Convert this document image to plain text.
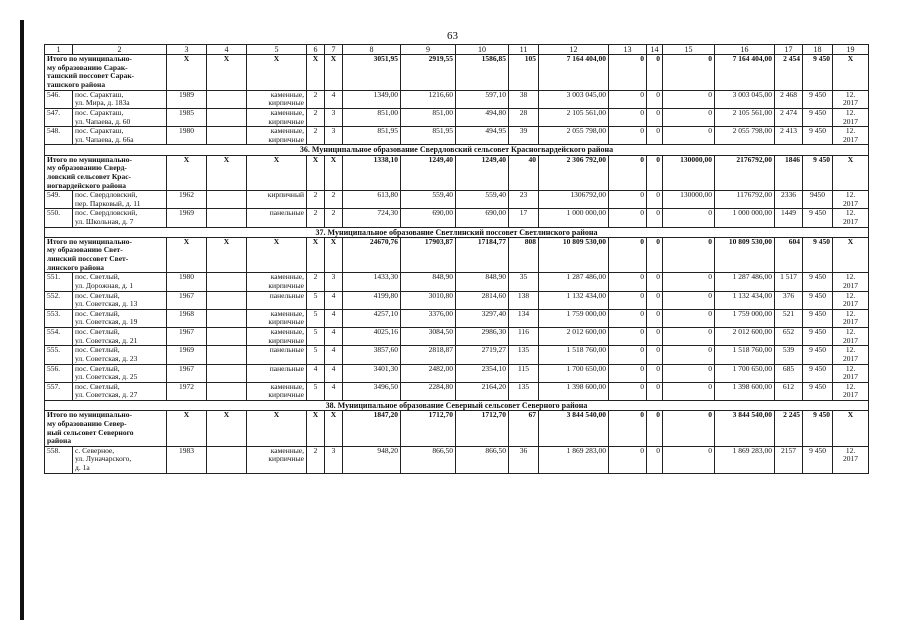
63
1	2	3	4	5	6	7	8	9	10	11	12	13	14	15	16	17	18	19
Итого по муниципально-
му образованию Сарак-
ташский поссовет Сарак-
ташского района		X	X	X	X	X	3051,95	2919,55	1586,85	105	7 164 404,00	0	0	0	7 164 404,00	2 454	9 450	X
546.	пос. Саракташ,
ул. Мира, д. 183а	1989		каменные,
кирпичные	2	4	1349,00	1216,60	597,10	38	3 003 045,00	0	0	0	3 003 045,00	2 468	9 450	12.
2017
547.	пос. Саракташ,
ул. Чапаева, д. 60	1985		каменные,
кирпичные	2	3	851,00	851,00	494,80	28	2 105 561,00	0	0	0	2 105 561,00	2 474	9 450	12.
2017
548.	пос. Саракташ,
ул. Чапаева, д. 66а	1980		каменные,
кирпичные	2	3	851,95	851,95	494,95	39	2 055 798,00	0	0	0	2 055 798,00	2 413	9 450	12.
2017
36. Муниципальное образование Свердловский сельсовет Красногвардейского района																		
Итого по муниципально-
му образованию Сверд-
ловский сельсовет Крас-
ногвардейского района		X	X	X	X	X	1338,10	1249,40	1249,40	40	2 306 792,00	0	0	130000,00	2176792,00	1846	9 450	X
549.	пос. Свердловский,
пер. Парковый, д. 11	1962		кирпичный	2	2	613,80	559,40	559,40	23	1306792,00	0	0	130000,00	1176792,00	2336	9450	12.
2017
550.	пос. Свердловский,
ул. Школьная, д. 7	1969		панельные	2	2	724,30	690,00	690,00	17	1 000 000,00	0	0	0	1 000 000,00	1449	9 450	12.
2017
37. Муниципальное образование Светлинский поссовет Светлинского района																		
Итого по муниципально-
му образованию Свет-
линский поссовет Свет-
линского района		X	X	X	X	X	24670,76	17903,87	17184,77	808	10 809 530,00	0	0	0	10 809 530,00	604	9 450	X
551.	пос. Светлый,
ул. Дорожная, д. 1	1980		каменные,
кирпичные	2	3	1433,30	848,90	848,90	35	1 287 486,00	0	0	0	1 287 486,00	1 517	9 450	12.
2017
552.	пос. Светлый,
ул. Советская, д. 13	1967		панельные	5	4	4199,80	3010,80	2814,60	138	1 132 434,00	0	0	0	1 132 434,00	376	9 450	12.
2017
553.	пос. Светлый,
ул. Советская, д. 19	1968		каменные,
кирпичные	5	4	4257,10	3376,00	3297,40	134	1 759 000,00	0	0	0	1 759 000,00	521	9 450	12.
2017
554.	пос. Светлый,
ул. Советская, д. 21	1967		каменные,
кирпичные	5	4	4025,16	3084,50	2986,30	116	2 012 600,00	0	0	0	2 012 600,00	652	9 450	12.
2017
555.	пос. Светлый,
ул. Советская, д. 23	1969		панельные	5	4	3857,60	2818,87	2719,27	135	1 518 760,00	0	0	0	1 518 760,00	539	9 450	12.
2017
556.	пос. Светлый,
ул. Советская, д. 25	1967		панельные	4	4	3401,30	2482,00	2354,10	115	1 700 650,00	0	0	0	1 700 650,00	685	9 450	12.
2017
557.	пос. Светлый,
ул. Советская, д. 27	1972		каменные,
кирпичные	5	4	3496,50	2284,80	2164,20	135	1 398 600,00	0	0	0	1 398 600,00	612	9 450	12.
2017
38. Муниципальное образование Северный сельсовет Северного района																		
Итого по муниципально-
му образованию Север-
ный сельсовет Северного
района		X	X	X	X	X	1847,20	1712,70	1712,70	67	3 844 540,00	0	0	0	3 844 540,00	2 245	9 450	X
558.	с. Северное,
ул. Луначарского,
д. 1а	1983		каменные,
кирпичные	2	3	948,20	866,50	866,50	36	1 869 283,00	0	0	0	1 869 283,00	2157	9 450	12.
2017
